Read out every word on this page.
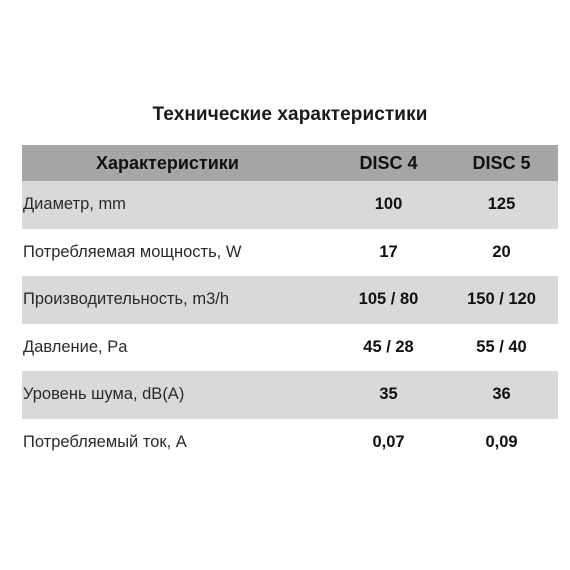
Технические характеристики
Характеристики	DISC 4	DISC 5
Диаметр, mm	100	125
Потребляемая мощность, W	17	20
Производительность, m3/h	105 / 80	150 / 120
Давление, Pa	45 / 28	55 / 40
Уровень шума, dB(A)	35	36
Потребляемый ток, А	0,07	0,09
